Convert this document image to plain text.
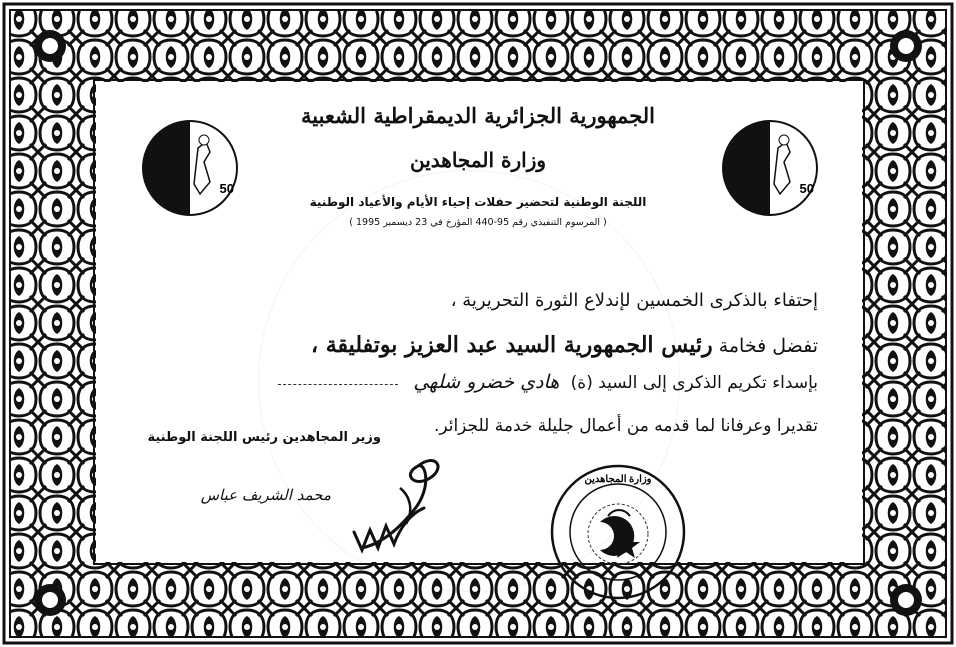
50	50
الجمهورية الجزائرية الديمقراطية الشعبية
وزارة المجاهدين
اللجنة الوطنية لتحضير حفلات إحياء الأيام والأعياد الوطنية
( المرسوم التنفيذي رقم 95-440 المؤرخ في 23 ديسمبر 1995 )
إحتفاء بالذكرى الخمسين لإندلاع الثورة التحريرية ،
تفضل فخامة رئيس الجمهورية السيد عبد العزيز بوتفليقة ،
بإسداء تكريم الذكرى إلى السيد (ة) هادي خضرو شلهي
تقديرا وعرفانا لما قدمه من أعمال جليلة خدمة للجزائر.
وزير المجاهدين رئيس اللجنة الوطنية
محمد الشريف عباس
وزارة المجاهدين
